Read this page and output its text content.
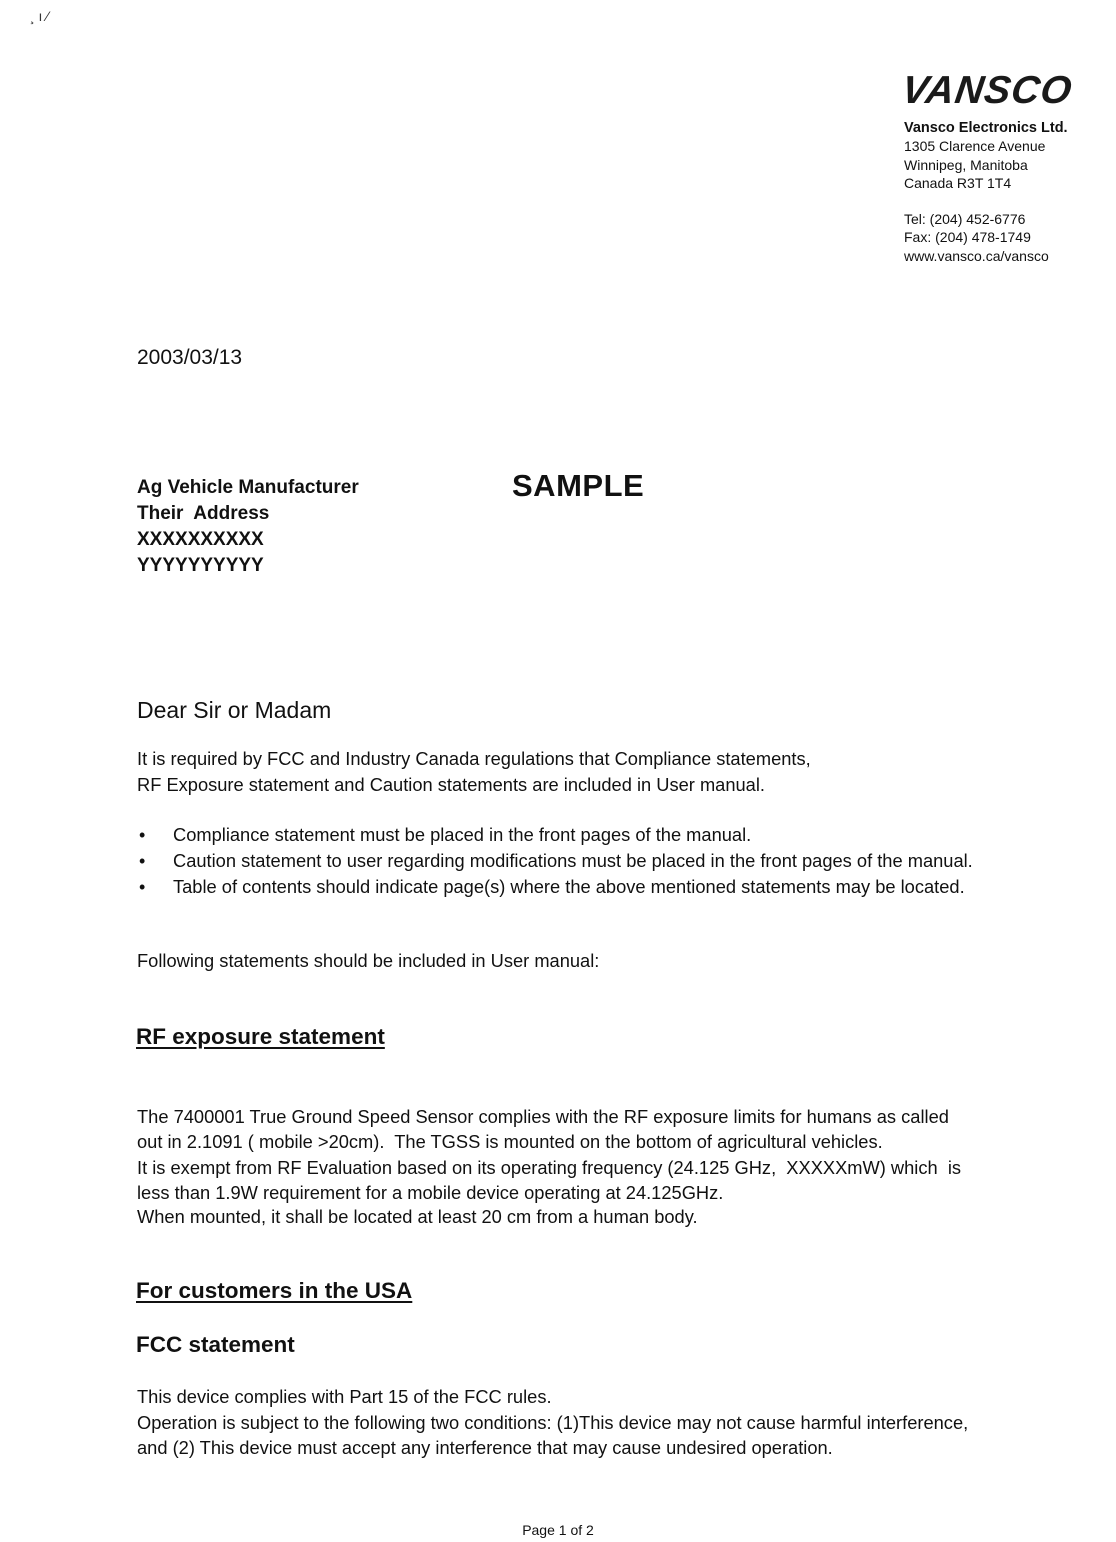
¸ ı ⁄
VANSCO
Vansco Electronics Ltd.
1305 Clarence Avenue
Winnipeg, Manitoba
Canada R3T 1T4
Tel: (204) 452-6776
Fax: (204) 478-1749
www.vansco.ca/vansco
2003/03/13
SAMPLE
Ag Vehicle Manufacturer
Their  Address
XXXXXXXXXX
YYYYYYYYYY
Dear Sir or Madam
It is required by FCC and Industry Canada regulations that Compliance statements,
RF Exposure statement and Caution statements are included in User manual.
• Compliance statement must be placed in the front pages of the manual.
• Caution statement to user regarding modifications must be placed in the front pages of the manual.
• Table of contents should indicate page(s) where the above mentioned statements may be located.
Following statements should be included in User manual:
RF exposure statement

The 7400001 True Ground Speed Sensor complies with the RF exposure limits for humans as called
out in 2.1091 ( mobile >20cm).  The TGSS is mounted on the bottom of agricultural vehicles.
It is exempt from RF Evaluation based on its operating frequency (24.125 GHz,  XXXXXmW) which  is
less than 1.9W requirement for a mobile device operating at 24.125GHz.
When mounted, it shall be located at least 20 cm from a human body.
For customers in the USA
FCC statement
This device complies with Part 15 of the FCC rules.
Operation is subject to the following two conditions: (1)This device may not cause harmful interference,
and (2) This device must accept any interference that may cause undesired operation.
Page 1 of 2
